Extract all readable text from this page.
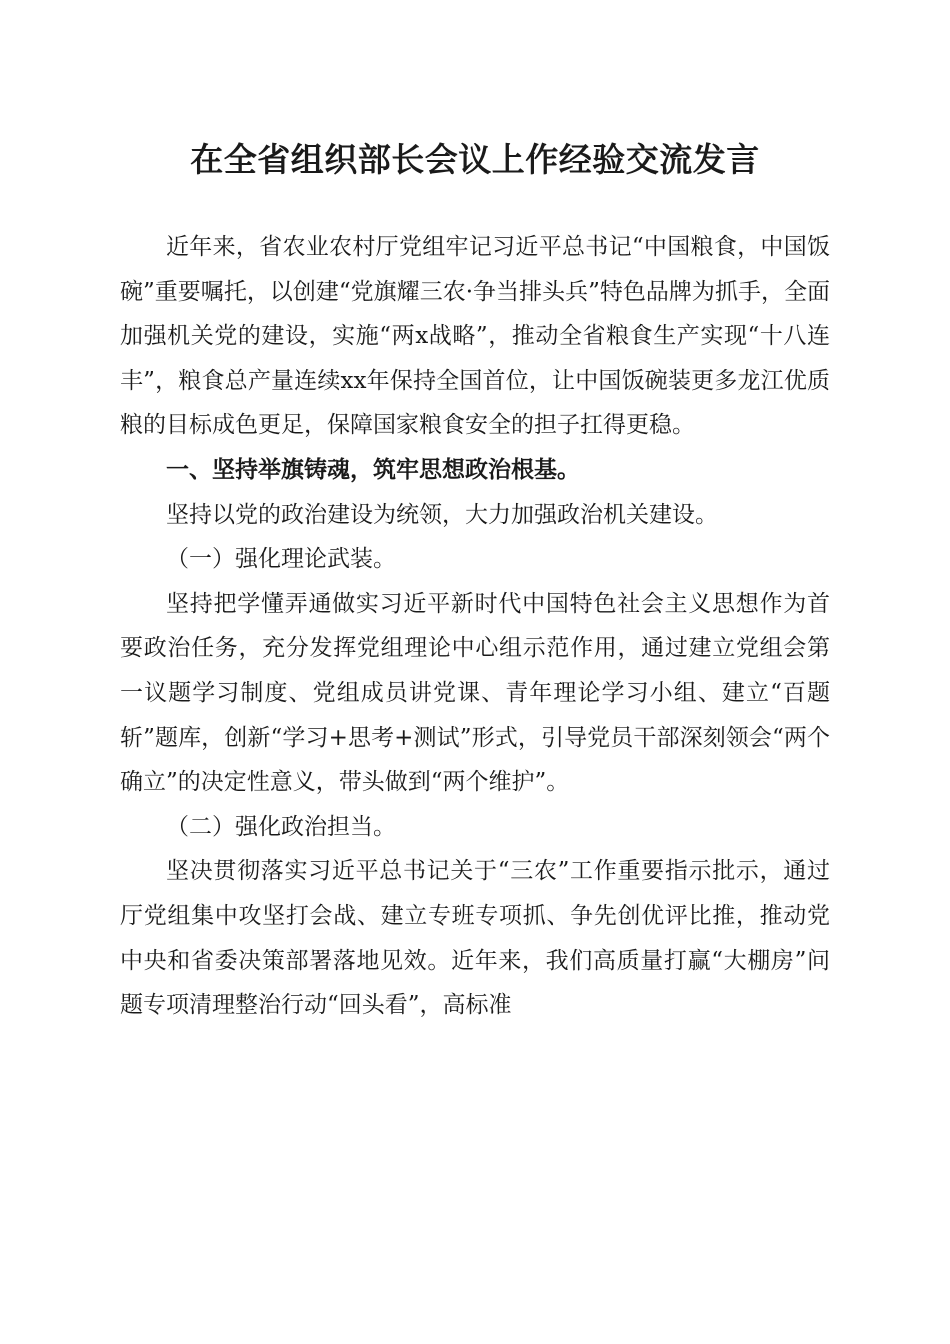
在全省组织部长会议上作经验交流发言

近年来，省农业农村厅党组牢记习近平总书记“中国粮食，中国饭碗”重要嘱托，以创建“党旗耀三农·争当排头兵”特色品牌为抓手，全面加强机关党的建设，实施“两x战略”，推动全省粮食生产实现“十八连丰”，粮食总产量连续xx年保持全国首位，让中国饭碗装更多龙江优质粮的目标成色更足，保障国家粮食安全的担子扛得更稳。

一、坚持举旗铸魂，筑牢思想政治根基。

坚持以党的政治建设为统领，大力加强政治机关建设。

（一）强化理论武装。

坚持把学懂弄通做实习近平新时代中国特色社会主义思想作为首要政治任务，充分发挥党组理论中心组示范作用，通过建立党组会第一议题学习制度、党组成员讲党课、青年理论学习小组、建立“百题斩”题库，创新“学习+思考+测试”形式，引导党员干部深刻领会“两个确立”的决定性意义，带头做到“两个维护”。

（二）强化政治担当。

坚决贯彻落实习近平总书记关于“三农”工作重要指示批示，通过厅党组集中攻坚打会战、建立专班专项抓、争先创优评比推，推动党中央和省委决策部署落地见效。近年来，我们高质量打赢“大棚房”问题专项清理整治行动“回头看”，高标准
